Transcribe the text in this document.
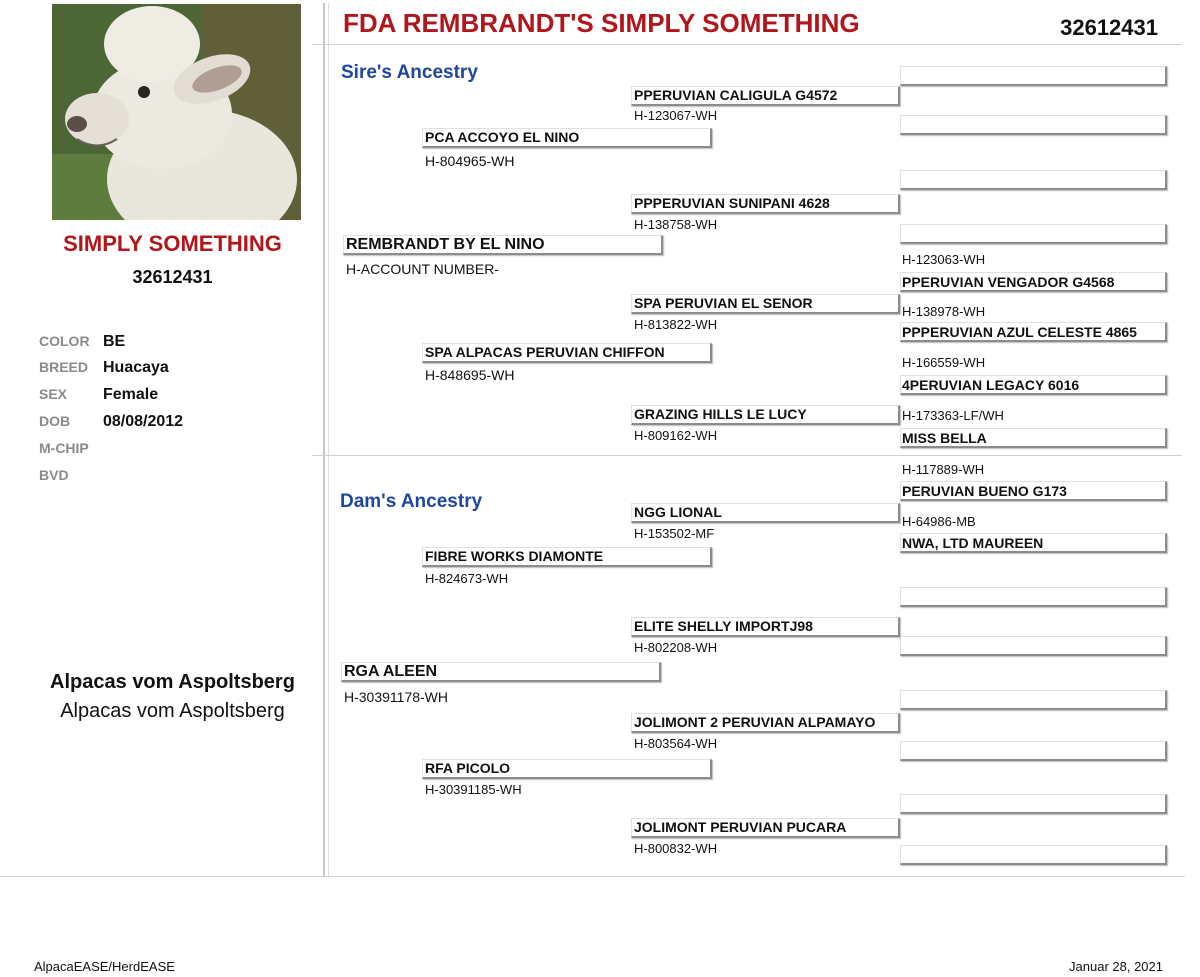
SIMPLY SOMETHING
32612431
COLOR BE
BREED Huacaya
SEX Female
DOB 08/08/2012
M-CHIP
BVD
Alpacas vom Aspoltsberg
Alpacas vom Aspoltsberg
FDA REMBRANDT'S SIMPLY SOMETHING	32612431
Sire's Ancestry
Dam's Ancestry
REMBRANDT BY EL NINO
H-ACCOUNT NUMBER-
PCA ACCOYO EL NINO
H-804965-WH
SPA ALPACAS PERUVIAN CHIFFON
H-848695-WH
PPERUVIAN CALIGULA G4572
H-123067-WH
PPPERUVIAN SUNIPANI 4628
H-138758-WH
SPA PERUVIAN EL SENOR
H-813822-WH
GRAZING HILLS LE LUCY
H-809162-WH
H-123063-WH
PPERUVIAN VENGADOR G4568
H-138978-WH
PPPERUVIAN AZUL CELESTE 4865
H-166559-WH
4PERUVIAN LEGACY 6016
H-173363-LF/WH
MISS BELLA
H-117889-WH
PERUVIAN BUENO G173
H-64986-MB
NWA, LTD MAUREEN
RGA ALEEN
H-30391178-WH
FIBRE WORKS DIAMONTE
H-824673-WH
RFA PICOLO
H-30391185-WH
NGG LIONAL
H-153502-MF
ELITE SHELLY IMPORTJ98
H-802208-WH
JOLIMONT 2 PERUVIAN ALPAMAYO
H-803564-WH
JOLIMONT PERUVIAN PUCARA
H-800832-WH
AlpacaEASE/HerdEASE	Januar 28, 2021
